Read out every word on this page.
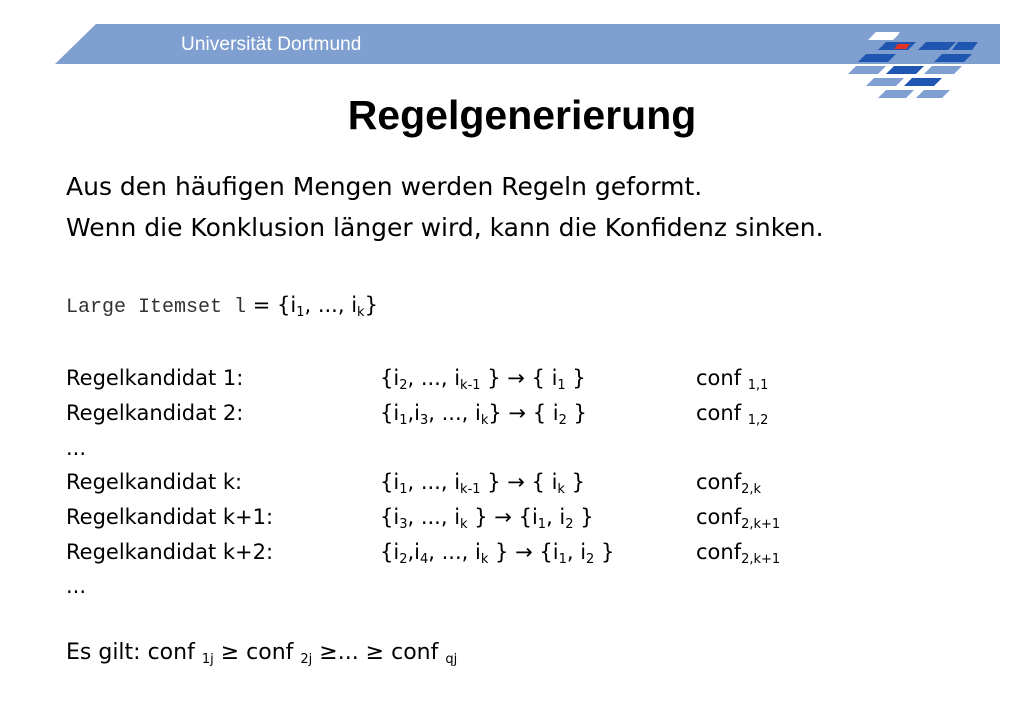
Universität Dortmund
Regelgenerierung
Aus den häufigen Mengen werden Regeln geformt.
Wenn die Konklusion länger wird, kann die Konfidenz sinken.
Large Itemset $l = \{i_1$, ..., $i_k$}
Regelkandidat 1:	{$i_2$, ..., $i_{k-1}$ } → { $i_1$ }	conf $_{1,1}$
Regelkandidat 2:	{$i_1,i_3$, ..., $i_k$} → { $i_2$ }	conf $_{1,2}$
Regelkandidat k:	{$i_1$, ..., $i_{k-1}$ } → { $i_k$ }	conf$_{2,k}$
Regelkandidat k+1:	{$i_3$, ..., $i_k$ } → {$i_1$, $i_2$ }	conf$_{2,k+1}$
Regelkandidat k+2:	{$i_2,i_4$, ..., $i_k$ } → {$i_1$, $i_2$ }	conf$_{2,k+1}$
...
...
Es gilt: conf $_{1j}$ ≥ conf $_{2j}$ ≥... ≥ conf $_{qj}$
